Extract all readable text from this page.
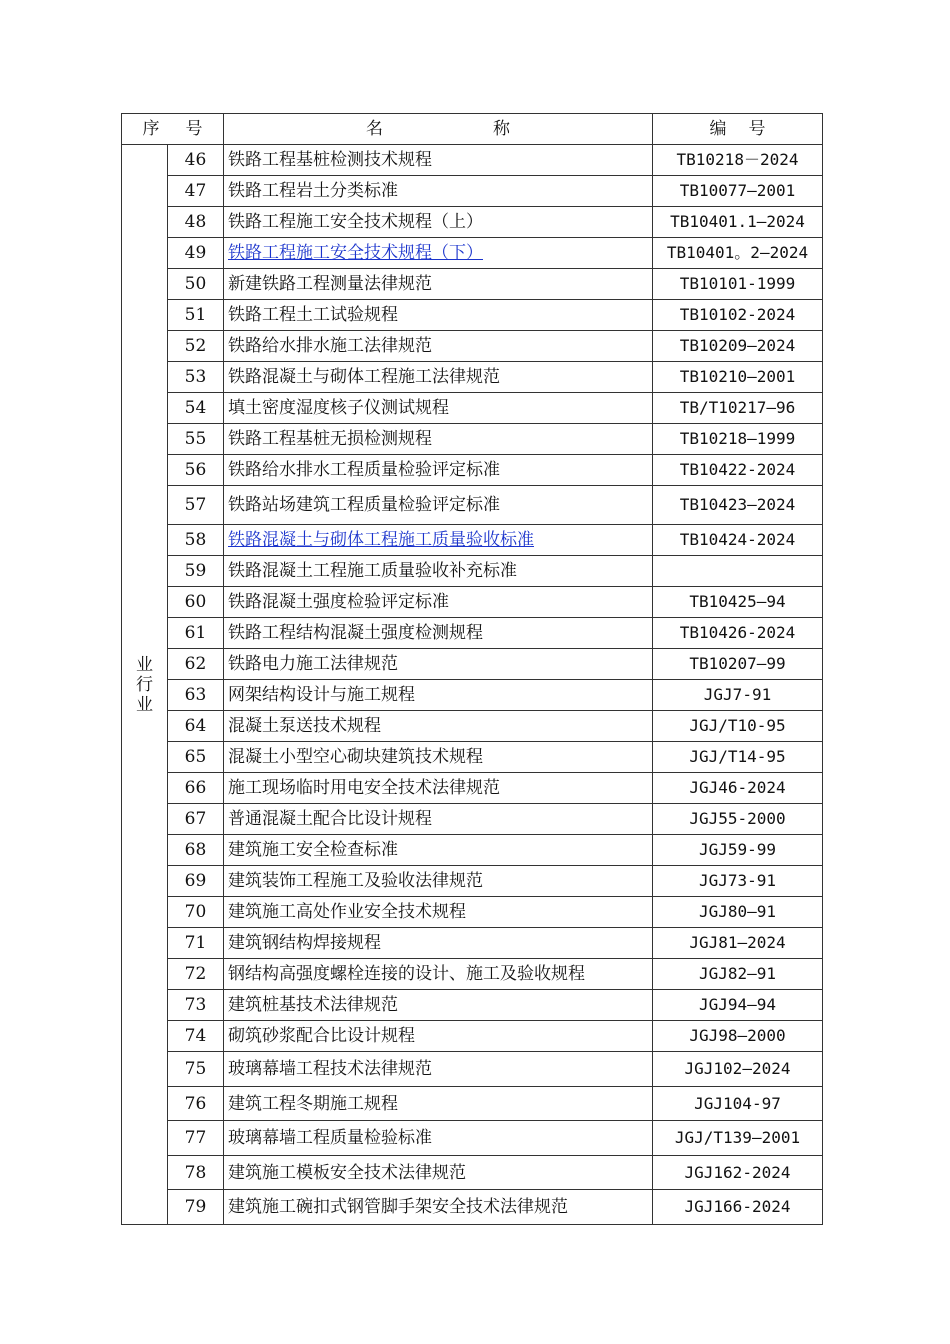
序 号		名 称	编 号

业
行
业	46	铁路工程基桩检测技术规程	TB10218－2024
	47	铁路工程岩土分类标准	TB10077—2001
	48	铁路工程施工安全技术规程（上）	TB10401.1—2024
	49	铁路工程施工安全技术规程（下）	TB10401。2—2024
	50	新建铁路工程测量法律规范	TB10101-1999
	51	铁路工程土工试验规程	TB10102-2024
	52	铁路给水排水施工法律规范	TB10209—2024
	53	铁路混凝土与砌体工程施工法律规范	TB10210—2001
	54	填土密度湿度核子仪测试规程	TB/T10217—96
	55	铁路工程基桩无损检测规程	TB10218—1999
	56	铁路给水排水工程质量检验评定标准	TB10422-2024
	57	铁路站场建筑工程质量检验评定标准	TB10423—2024
	58	铁路混凝土与砌体工程施工质量验收标准	TB10424-2024
	59	铁路混凝土工程施工质量验收补充标准	
	60	铁路混凝土强度检验评定标准	TB10425—94
	61	铁路工程结构混凝土强度检测规程	TB10426-2024
	62	铁路电力施工法律规范	TB10207—99
	63	网架结构设计与施工规程	JGJ7-91
	64	混凝土泵送技术规程	JGJ/T10-95
	65	混凝土小型空心砌块建筑技术规程	JGJ/T14-95
	66	施工现场临时用电安全技术法律规范	JGJ46-2024
	67	普通混凝土配合比设计规程	JGJ55-2000
	68	建筑施工安全检查标准	JGJ59-99
	69	建筑装饰工程施工及验收法律规范	JGJ73-91
	70	建筑施工高处作业安全技术规程	JGJ80—91
	71	建筑钢结构焊接规程	JGJ81—2024
	72	钢结构高强度螺栓连接的设计、施工及验收规程	JGJ82—91
	73	建筑桩基技术法律规范	JGJ94—94
	74	砌筑砂浆配合比设计规程	JGJ98—2000
	75	玻璃幕墙工程技术法律规范	JGJ102—2024
	76	建筑工程冬期施工规程	JGJ104-97
	77	玻璃幕墙工程质量检验标准	JGJ/T139—2001
	78	建筑施工模板安全技术法律规范	JGJ162-2024
	79	建筑施工碗扣式钢管脚手架安全技术法律规范	JGJ166-2024
